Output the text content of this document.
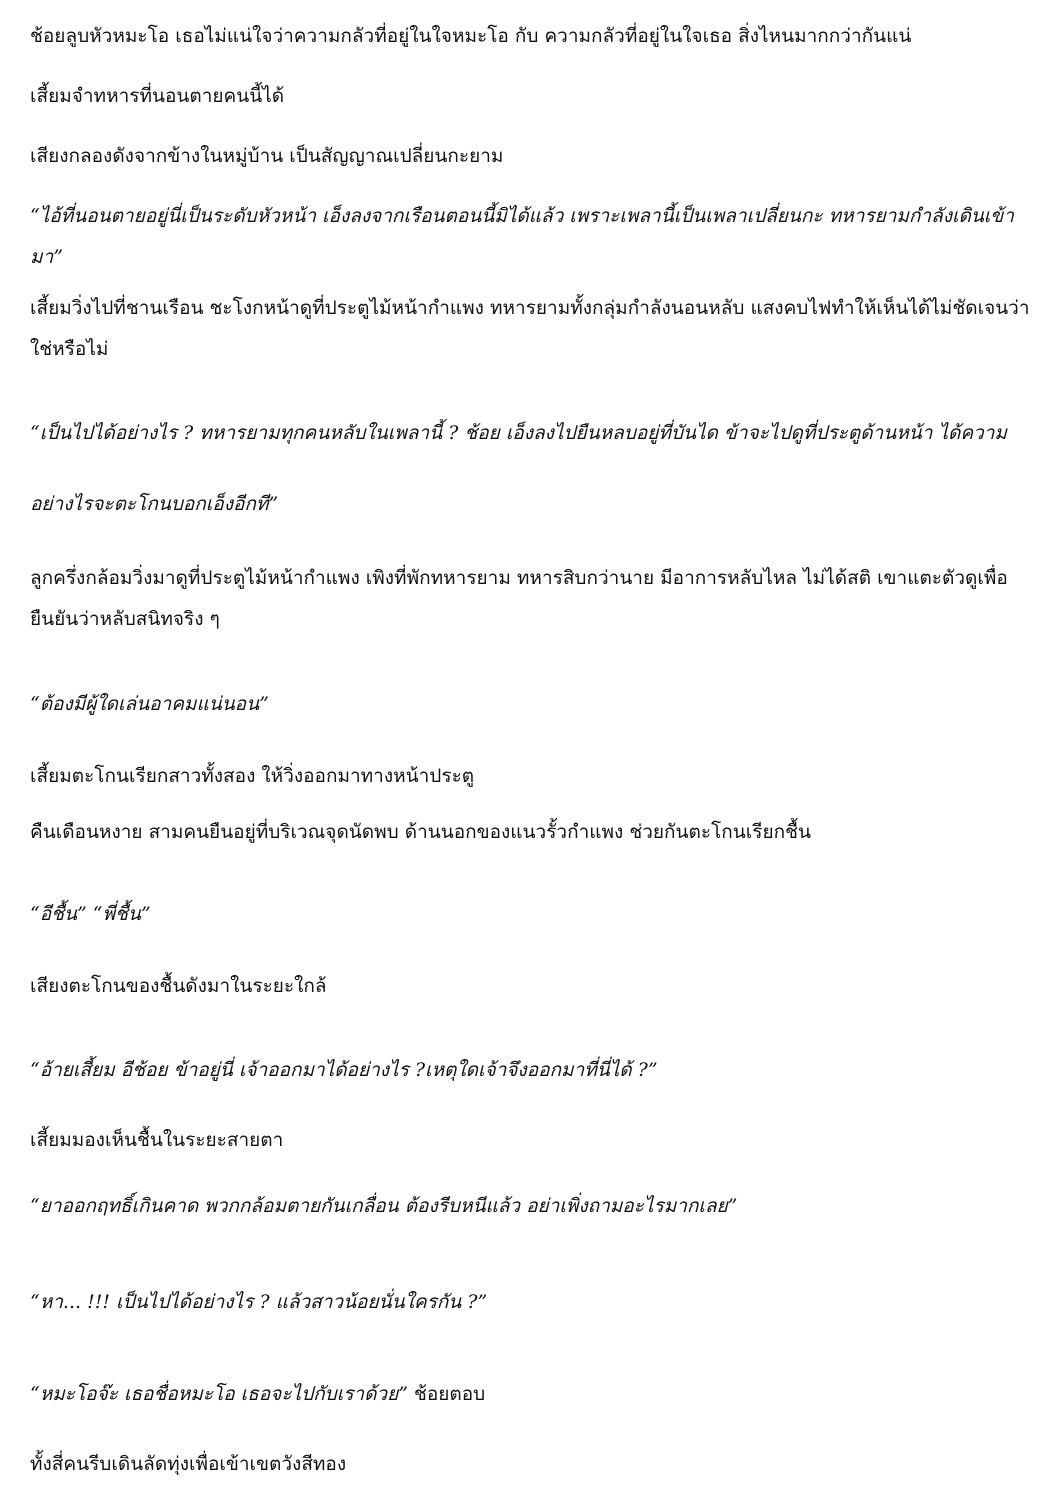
ช้อยลูบหัวหมะโอ เธอไม่แน่ใจว่าความกลัวที่อยู่ในใจหมะโอ กับ ความกลัวที่อยู่ในใจเธอ สิ่งไหนมากกว่ากันแน่

เสี้ยมจำทหารที่นอนตายคนนี้ได้

เสียงกลองดังจากข้างในหมู่บ้าน เป็นสัญญาณเปลี่ยนกะยาม

“ไอ้ที่นอนตายอยู่นี่เป็นระดับหัวหน้า เอ็งลงจากเรือนตอนนี้มิได้แล้ว เพราะเพลานี้เป็นเพลาเปลี่ยนกะ ทหารยามกำลังเดินเข้ามา”

เสี้ยมวิ่งไปที่ชานเรือน ชะโงกหน้าดูที่ประตูไม้หน้ากำแพง ทหารยามทั้งกลุ่มกำลังนอนหลับ แสงคบไฟทำให้เห็นได้ไม่ชัดเจนว่าใช่หรือไม่

“เป็นไปได้อย่างไร ? ทหารยามทุกคนหลับในเพลานี้ ? ช้อย เอ็งลงไปยืนหลบอยู่ที่บันได ข้าจะไปดูที่ประตูด้านหน้า ได้ความอย่างไรจะตะโกนบอกเอ็งอีกที”

ลูกครึ่งกล้อมวิ่งมาดูที่ประตูไม้หน้ากำแพง เพิงที่พักทหารยาม ทหารสิบกว่านาย มีอาการหลับไหล ไม่ได้สติ เขาแตะตัวดูเพื่อยืนยันว่าหลับสนิทจริง ๆ

“ต้องมีผู้ใดเล่นอาคมแน่นอน”

เสี้ยมตะโกนเรียกสาวทั้งสอง ให้วิ่งออกมาทางหน้าประตู

คืนเดือนหงาย สามคนยืนอยู่ที่บริเวณจุดนัดพบ ด้านนอกของแนวรั้วกำแพง ช่วยกันตะโกนเรียกชื้น

“อีชื้น” “พี่ชื้น”

เสียงตะโกนของชื้นดังมาในระยะใกล้

“อ้ายเสี้ยม อีช้อย ข้าอยู่นี่ เจ้าออกมาได้อย่างไร ?เหตุใดเจ้าจึงออกมาที่นี่ได้ ?”

เสี้ยมมองเห็นชื้นในระยะสายตา

“ยาออกฤทธิ์เกินคาด พวกกล้อมตายกันเกลื่อน ต้องรีบหนีแล้ว อย่าเพิ่งถามอะไรมากเลย”

“หา... !!! เป็นไปได้อย่างไร ? แล้วสาวน้อยนั่นใครกัน ?”

“หมะโอจ๊ะ เธอชื่อหมะโอ เธอจะไปกับเราด้วย” ช้อยตอบ

ทั้งสี่คนรีบเดินลัดทุ่งเพื่อเข้าเขตวังสีทอง
